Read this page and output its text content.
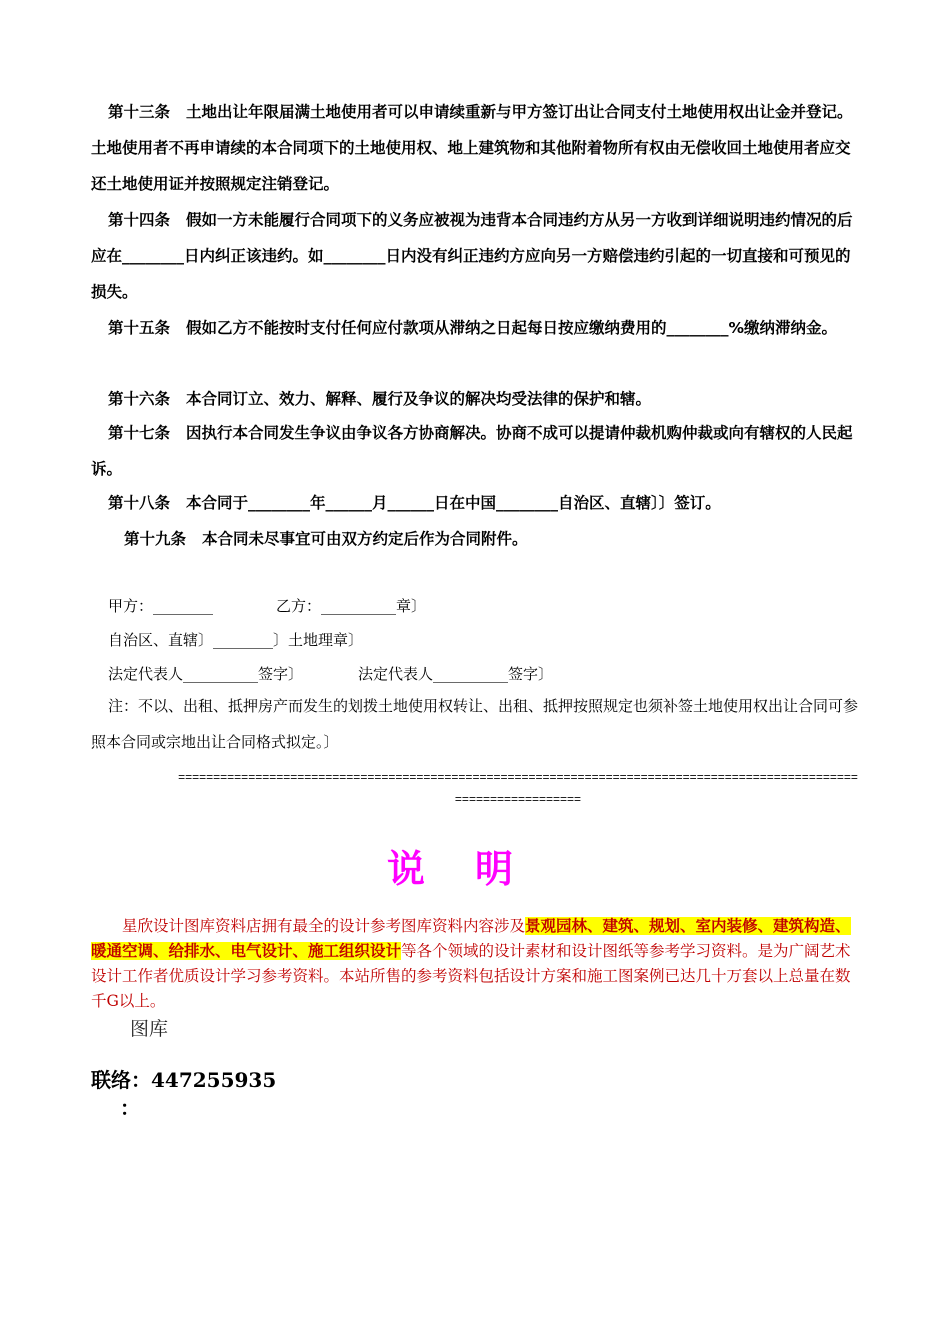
第十三条 土地出让年限届满土地使用者可以申请续重新与甲方签订出让合同支付土地使用权出让金并登记。土地使用者不再申请续的本合同项下的土地使用权、地上建筑物和其他附着物所有权由无偿收回土地使用者应交还土地使用证并按照规定注销登记。

第十四条 假如一方未能履行合同项下的义务应被视为违背本合同违约方从另一方收到详细说明违约情况的后应在________日内纠正该违约。如________日内没有纠正违约方应向另一方赔偿违约引起的一切直接和可预见的损失。

第十五条 假如乙方不能按时支付任何应付款项从滞纳之日起每日按应缴纳费用的________%缴纳滞纳金。

第十六条 本合同订立、效力、解释、履行及争议的解决均受法律的保护和辖。

第十七条 因执行本合同发生争议由争议各方协商解决。协商不成可以提请仲裁机购仲裁或向有辖权的人民起诉。

第十八条 本合同于________年______月______日在中国________自治区、直辖〕〕签订。

第十九条 本合同未尽事宜可由双方约定后作为合同附件。

甲方：________	乙方：__________章〕
自治区、直辖〕________〕土地理章〕
法定代表人__________签字〕	法定代表人__________签字〕
注：不以、出租、抵押房产而发生的划拨土地使用权转让、出租、抵押按照规定也须补签土地使用权出让合同可参照本合同或宗地出让合同格式拟定。〕
===================================================================================================================
说明
星欣设计图库资料店拥有最全的设计参考图库资料内容涉及景观园林、建筑、规划、室内装修、建筑构造、暖通空调、给排水、电气设计、施工组织设计等各个领域的设计素材和设计图纸等参考学习资料。是为广阔艺术设计工作者优质设计学习参考资料。本站所售的参考资料包括设计方案和施工图案例已达几十万套以上总量在数千G以上。
图库
联络：447255935
：
